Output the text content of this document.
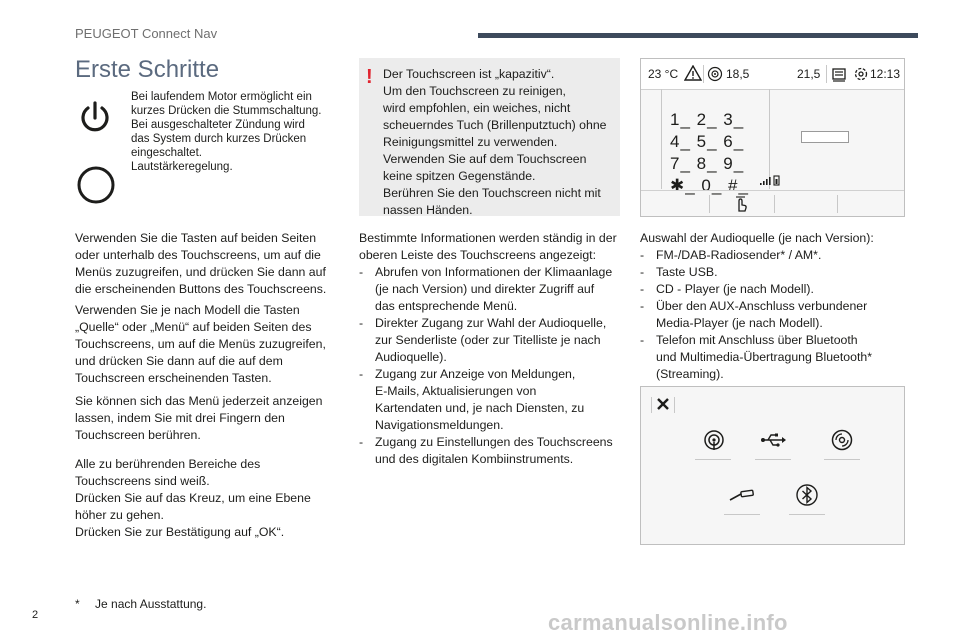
PEUGEOT Connect Nav
Erste Schritte
Bei laufendem Motor ermöglicht ein
kurzes Drücken die Stummschaltung.
Bei ausgeschalteter Zündung wird
das System durch kurzes Drücken
eingeschaltet.
Lautstärkeregelung.
Verwenden Sie die Tasten auf beiden Seiten
oder unterhalb des Touchscreens, um auf die
Menüs zuzugreifen, und drücken Sie dann auf
die erscheinenden Buttons des Touchscreens.
Verwenden Sie je nach Modell die Tasten
„Quelle“ oder „Menü“ auf beiden Seiten des
Touchscreens, um auf die Menüs zuzugreifen,
und drücken Sie dann auf die auf dem
Touchscreen erscheinenden Tasten.
Sie können sich das Menü jederzeit anzeigen
lassen, indem Sie mit drei Fingern den
Touchscreen berühren.
Alle zu berührenden Bereiche des
Touchscreens sind weiß.
Drücken Sie auf das Kreuz, um eine Ebene
höher zu gehen.
Drücken Sie zur Bestätigung auf „OK“.
! Der Touchscreen ist „kapazitiv“.
Um den Touchscreen zu reinigen,
wird empfohlen, ein weiches, nicht
scheuerndes Tuch (Brillenputztuch) ohne
Reinigungsmittel zu verwenden.
Verwenden Sie auf dem Touchscreen
keine spitzen Gegenstände.
Berühren Sie den Touchscreen nicht mit
nassen Händen.
Bestimmte Informationen werden ständig in der
oberen Leiste des Touchscreens angezeigt:
- Abrufen von Informationen der Klimaanlage
(je nach Version) und direkter Zugriff auf
das entsprechende Menü.
- Direkter Zugang zur Wahl der Audioquelle,
zur Senderliste (oder zur Titelliste je nach
Audioquelle).
- Zugang zur Anzeige von Meldungen,
E-Mails, Aktualisierungen von
Kartendaten und, je nach Diensten, zu
Navigationsmeldungen.
- Zugang zu Einstellungen des Touchscreens
und des digitalen Kombiinstruments.
23 °C	18,5	21,5	12:13
1_ 2_ 3_
4_ 5_ 6_
7_ 8_ 9_
✱_ 0_ #_
Auswahl der Audioquelle (je nach Version):
- FM-/DAB-Radiosender* / AM*.
- Taste USB.
- CD - Player (je nach Modell).
- Über den AUX-Anschluss verbundener
Media-Player (je nach Modell).
- Telefon mit Anschluss über Bluetooth
und Multimedia-Übertragung Bluetooth*
(Streaming).
* Je nach Ausstattung.
2	carmanualsonline.info
